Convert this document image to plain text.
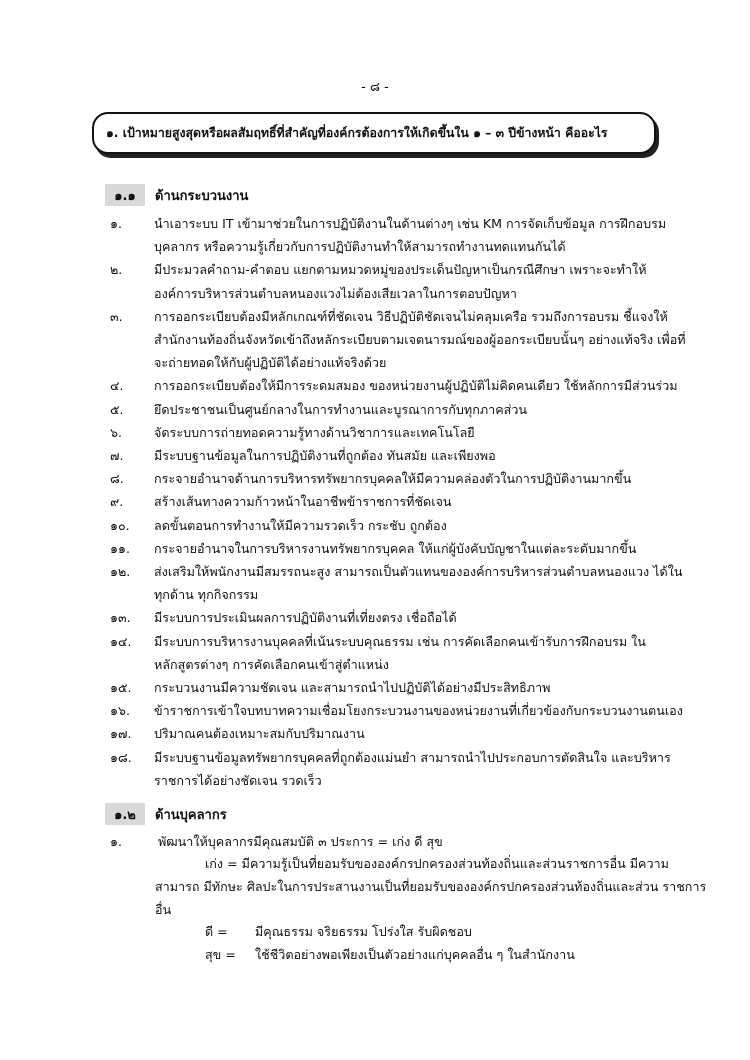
- ๘ -
๑. เป้าหมายสูงสุดหรือผลสัมฤทธิ์ที่สำคัญที่องค์กรต้องการให้เกิดขึ้นใน ๑ – ๓ ปีข้างหน้า คืออะไร
๑.๑	ด้านกระบวนงาน
๑.	นำเอาระบบ IT เข้ามาช่วยในการปฏิบัติงานในด้านต่างๆ เช่น KM การจัดเก็บข้อมูล การฝึกอบรมบุคลากร หรือความรู้เกี่ยวกับการปฏิบัติงานทำให้สามารถทำงานทดแทนกันได้
๒.	มีประมวลคำถาม-คำตอบ แยกตามหมวดหมู่ของประเด็นปัญหาเป็นกรณีศึกษา เพราะจะทำให้องค์การบริหารส่วนตำบลหนองแวงไม่ต้องเสียเวลาในการตอบปัญหา
๓.	การออกระเบียบต้องมีหลักเกณฑ์ที่ชัดเจน วิธีปฏิบัติชัดเจนไม่คลุมเครือ รวมถึงการอบรม ชี้แจงให้สำนักงานท้องถิ่นจังหวัดเข้าถึงหลักระเบียบตามเจตนารมณ์ของผู้ออกระเบียบนั้นๆ อย่างแท้จริง เพื่อที่จะถ่ายทอดให้กับผู้ปฏิบัติได้อย่างแท้จริงด้วย
๔.	การออกระเบียบต้องให้มีการระดมสมอง ของหน่วยงานผู้ปฏิบัติไม่คิดคนเดียว ใช้หลักการมีส่วนร่วม
๕.	ยึดประชาชนเป็นศูนย์กลางในการทำงานและบูรณาการกับทุกภาคส่วน
๖.	จัดระบบการถ่ายทอดความรู้ทางด้านวิชาการและเทคโนโลยี
๗.	มีระบบฐานข้อมูลในการปฏิบัติงานที่ถูกต้อง ทันสมัย และเพียงพอ
๘.	กระจายอำนาจด้านการบริหารทรัพยากรบุคคลให้มีความคล่องตัวในการปฏิบัติงานมากขึ้น
๙.	สร้างเส้นทางความก้าวหน้าในอาชีพข้าราชการที่ชัดเจน
๑๐.	ลดขั้นตอนการทำงานให้มีความรวดเร็ว กระชับ ถูกต้อง
๑๑.	กระจายอำนาจในการบริหารงานทรัพยากรบุคคล ให้แก่ผู้บังคับบัญชาในแต่ละระดับมากขึ้น
๑๒.	ส่งเสริมให้พนักงานมีสมรรถนะสูง สามารถเป็นตัวแทนขององค์การบริหารส่วนตำบลหนองแวง ได้ในทุกด้าน ทุกกิจกรรม
๑๓.	มีระบบการประเมินผลการปฏิบัติงานที่เที่ยงตรง เชื่อถือได้
๑๔.	มีระบบการบริหารงานบุคคลที่เน้นระบบคุณธรรม เช่น การคัดเลือกคนเข้ารับการฝึกอบรม ในหลักสูตรต่างๆ การคัดเลือกคนเข้าสู่ตำแหน่ง
๑๕.	กระบวนงานมีความชัดเจน และสามารถนำไปปฏิบัติได้อย่างมีประสิทธิภาพ
๑๖.	ข้าราชการเข้าใจบทบาทความเชื่อมโยงกระบวนงานของหน่วยงานที่เกี่ยวข้องกับกระบวนงานตนเอง
๑๗.	ปริมาณคนต้องเหมาะสมกับปริมาณงาน
๑๘.	มีระบบฐานข้อมูลทรัพยากรบุคคลที่ถูกต้องแม่นยำ สามารถนำไปประกอบการตัดสินใจ และบริหารราชการได้อย่างชัดเจน รวดเร็ว
๑.๒	ด้านบุคลากร
๑.	พัฒนาให้บุคลากรมีคุณสมบัติ ๓ ประการ = เก่ง ดี สุข
เก่ง = มีความรู้เป็นที่ยอมรับขององค์กรปกครองส่วนท้องถิ่นและส่วนราชการอื่น มีความ
สามารถ มีทักษะ ศิลปะในการประสานงานเป็นที่ยอมรับขององค์กรปกครองส่วนท้องถิ่นและส่วน ราชการ
อื่น
ดี = มีคุณธรรม จริยธรรม โปร่งใส รับผิดชอบ
สุข = ใช้ชีวิตอย่างพอเพียงเป็นตัวอย่างแก่บุคคลอื่น ๆ ในสำนักงาน
